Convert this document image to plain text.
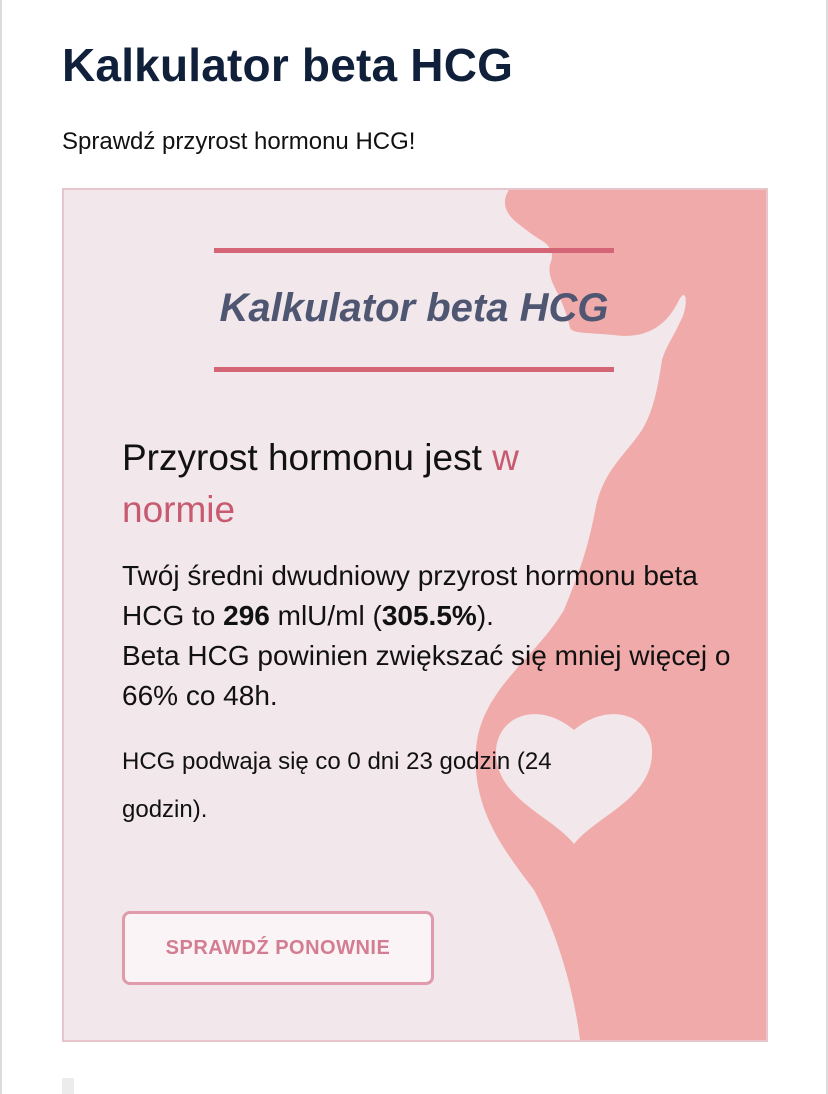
Kalkulator beta HCG

Sprawdź przyrost hormonu HCG!

Kalkulator beta HCG
Przyrost hormonu jest w normie

Twój średni dwudniowy przyrost hormonu beta HCG to 296 mlU/ml (305.5%).
Beta HCG powinien zwiększać się mniej więcej o 66% co 48h.

HCG podwaja się co 0 dni 23 godzin (24 godzin).

SPRAWDŹ PONOWNIE
